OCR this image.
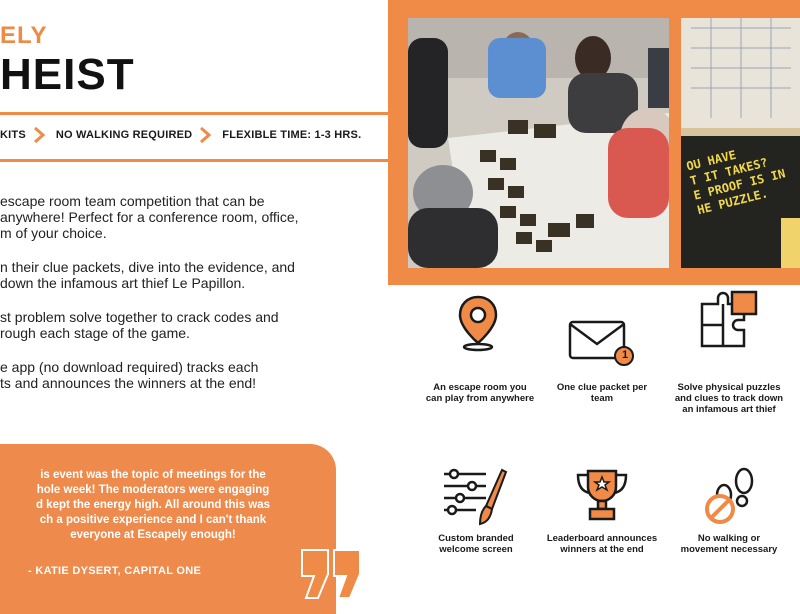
ELY
HEIST
KITS	NO WALKING REQUIRED	FLEXIBLE TIME: 1-3 HRS.

escape room team competition that can be
anywhere! Perfect for a conference room, office,
m of your choice.

n their clue packets, dive into the evidence, and
down the infamous art thief Le Papillon.

st problem solve together to crack codes and
rough each stage of the game.

e app (no download required) tracks each
ts and announces the winners at the end!

is event was the topic of meetings for the
hole week! The moderators were engaging
d kept the energy high. All around this was
ch a positive experience and I can't thank
everyone at Escapely enough!
- KATIE DYSERT, CAPITAL ONE
OU HAVE
T IT TAKES?
E PROOF IS IN
HE PUZZLE.
An escape room you can play from anywhere
1
One clue packet per team
Solve physical puzzles and clues to track down an infamous art thief
Custom branded welcome screen
Leaderboard announces winners at the end
No walking or movement necessary
